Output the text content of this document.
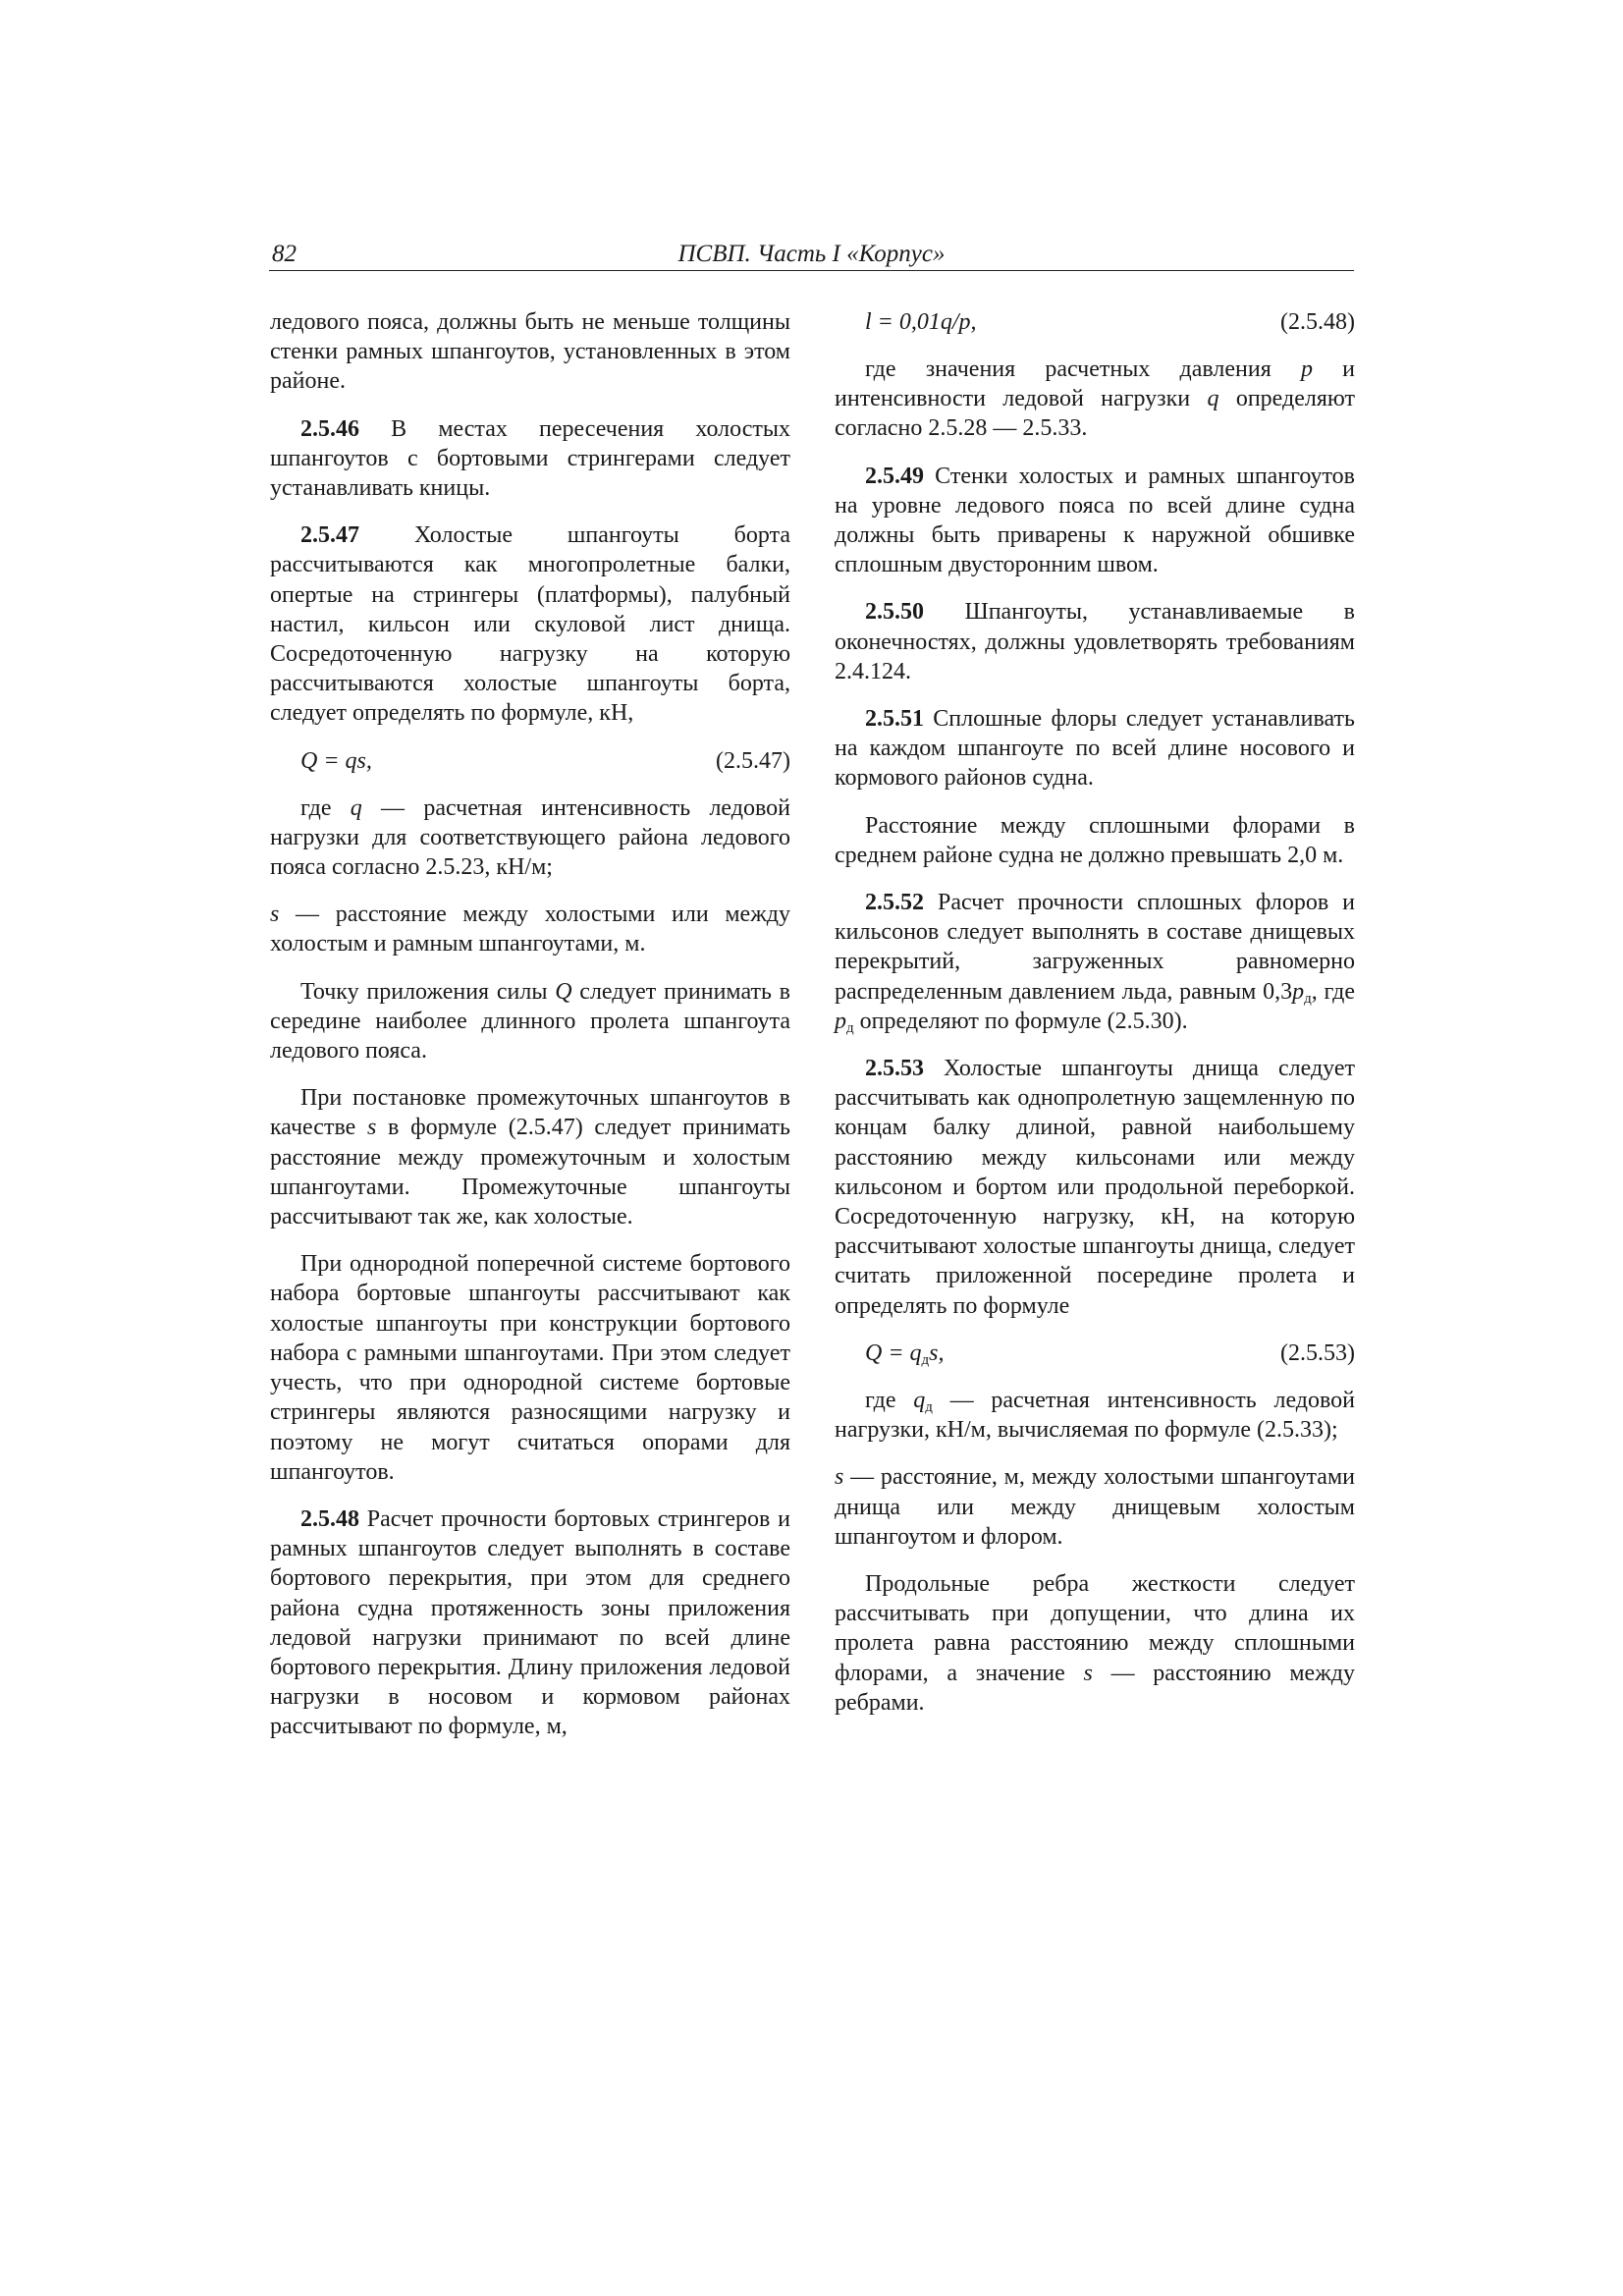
82	ПСВП. Часть I «Корпус»

ледового пояса, должны быть не меньше толщины стенки рамных шпангоутов, установленных в этом районе.

2.5.46 В местах пересечения холостых шпангоутов с бортовыми стрингерами следует устанавливать кницы.

2.5.47 Холостые шпангоуты борта рассчитываются как многопролетные балки, опертые на стрингеры (платформы), палубный настил, кильсон или скуловой лист днища. Сосредоточенную нагрузку на которую рассчитываются холостые шпангоуты борта, следует определять по формуле, кН,

Q = qs,	(2.5.47)

где q — расчетная интенсивность ледовой нагрузки для соответствующего района ледового пояса согласно 2.5.23, кН/м;

s — расстояние между холостыми или между холостым и рамным шпангоутами, м.

Точку приложения силы Q следует принимать в середине наиболее длинного пролета шпангоута ледового пояса.

При постановке промежуточных шпангоутов в качестве s в формуле (2.5.47) следует принимать расстояние между промежуточным и холостым шпангоутами. Промежуточные шпангоуты рассчитывают так же, как холостые.

При однородной поперечной системе бортового набора бортовые шпангоуты рассчитывают как холостые шпангоуты при конструкции бортового набора с рамными шпангоутами. При этом следует учесть, что при однородной системе бортовые стрингеры являются разносящими нагрузку и поэтому не могут считаться опорами для шпангоутов.

2.5.48 Расчет прочности бортовых стрингеров и рамных шпангоутов следует выполнять в составе бортового перекрытия, при этом для среднего района судна протяженность зоны приложения ледовой нагрузки принимают по всей длине бортового перекрытия. Длину приложения ледовой нагрузки в носовом и кормовом районах рассчитывают по формуле, м,

l = 0,01q/p,	(2.5.48)

где значения расчетных давления p и интенсивности ледовой нагрузки q определяют согласно 2.5.28 — 2.5.33.

2.5.49 Стенки холостых и рамных шпангоутов на уровне ледового пояса по всей длине судна должны быть приварены к наружной обшивке сплошным двусторонним швом.

2.5.50 Шпангоуты, устанавливаемые в оконечностях, должны удовлетворять требованиям 2.4.124.

2.5.51 Сплошные флоры следует устанавливать на каждом шпангоуте по всей длине носового и кормового районов судна.

Расстояние между сплошными флорами в среднем районе судна не должно превышать 2,0 м.

2.5.52 Расчет прочности сплошных флоров и кильсонов следует выполнять в составе днищевых перекрытий, загруженных равномерно распределенным давлением льда, равным $0,3p_д$, где $p_д$ определяют по формуле (2.5.30).

2.5.53 Холостые шпангоуты днища следует рассчитывать как однопролетную защемленную по концам балку длиной, равной наибольшему расстоянию между кильсонами или между кильсоном и бортом или продольной переборкой. Сосредоточенную нагрузку, кН, на которую рассчитывают холостые шпангоуты днища, следует считать приложенной посередине пролета и определять по формуле

$Q = q_дs$,	(2.5.53)

где $q_д$ — расчетная интенсивность ледовой нагрузки, кН/м, вычисляемая по формуле (2.5.33);

s — расстояние, м, между холостыми шпангоутами днища или между днищевым холостым шпангоутом и флором.

Продольные ребра жесткости следует рассчитывать при допущении, что длина их пролета равна расстоянию между сплошными флорами, а значение s — расстоянию между ребрами.
